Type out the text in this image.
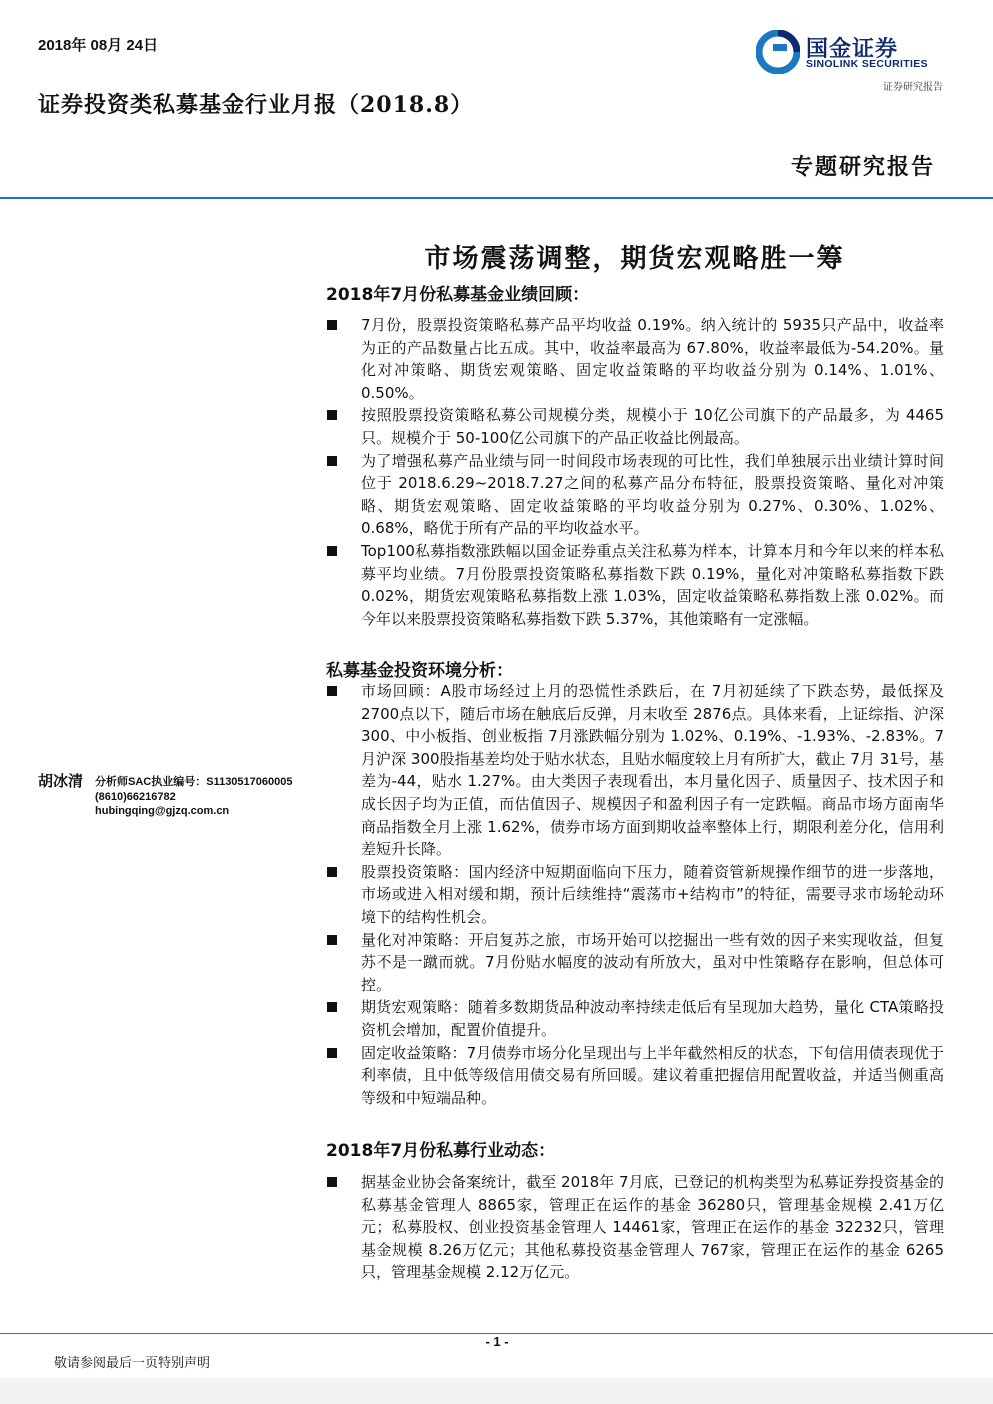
2018年 08月 24日	国金证券
SINOLINK SECURITIES
证券研究报告
证券投资类私募基金行业月报（2018.8）
专题研究报告
市场震荡调整，期货宏观略胜一筹
2018年7月份私募基金业绩回顾：
7月份，股票投资策略私募产品平均收益 0.19%。纳入统计的 5935只产品中，收益率为正的产品数量占比五成。其中，收益率最高为 67.80%，收益率最低为-54.20%。量化对冲策略、期货宏观策略、固定收益策略的平均收益分别为 0.14%、1.01%、0.50%。
按照股票投资策略私募公司规模分类，规模小于 10亿公司旗下的产品最多，为 4465只。规模介于 50-100亿公司旗下的产品正收益比例最高。
为了增强私募产品业绩与同一时间段市场表现的可比性，我们单独展示出业绩计算时间位于 2018.6.29~2018.7.27之间的私募产品分布特征，股票投资策略、量化对冲策略、期货宏观策略、固定收益策略的平均收益分别为 0.27%、0.30%、1.02%、0.68%，略优于所有产品的平均收益水平。
Top100私募指数涨跌幅以国金证券重点关注私募为样本，计算本月和今年以来的样本私募平均业绩。7月份股票投资策略私募指数下跌 0.19%，量化对冲策略私募指数下跌 0.02%，期货宏观策略私募指数上涨 1.03%，固定收益策略私募指数上涨 0.02%。而今年以来股票投资策略私募指数下跌 5.37%，其他策略有一定涨幅。
私募基金投资环境分析：
市场回顾：A股市场经过上月的恐慌性杀跌后，在 7月初延续了下跌态势，最低探及 2700点以下，随后市场在触底后反弹，月末收至 2876点。具体来看，上证综指、沪深 300、中小板指、创业板指 7月涨跌幅分别为 1.02%、0.19%、-1.93%、-2.83%。7月沪深 300股指基差均处于贴水状态，且贴水幅度较上月有所扩大，截止 7月 31号，基差为-44，贴水 1.27%。由大类因子表现看出，本月量化因子、质量因子、技术因子和成长因子均为正值，而估值因子、规模因子和盈利因子有一定跌幅。商品市场方面南华商品指数全月上涨 1.62%，债券市场方面到期收益率整体上行，期限利差分化，信用利差短升长降。
股票投资策略：国内经济中短期面临向下压力，随着资管新规操作细节的进一步落地，市场或进入相对缓和期，预计后续维持“震荡市+结构市”的特征，需要寻求市场轮动环境下的结构性机会。
量化对冲策略：开启复苏之旅，市场开始可以挖掘出一些有效的因子来实现收益，但复苏不是一蹴而就。7月份贴水幅度的波动有所放大，虽对中性策略存在影响，但总体可控。
期货宏观策略：随着多数期货品种波动率持续走低后有呈现加大趋势，量化 CTA策略投资机会增加，配置价值提升。
固定收益策略：7月债券市场分化呈现出与上半年截然相反的状态，下旬信用债表现优于利率债，且中低等级信用债交易有所回暖。建议着重把握信用配置收益，并适当侧重高等级和中短端品种。
2018年7月份私募行业动态：
据基金业协会备案统计，截至 2018年 7月底，已登记的机构类型为私募证券投资基金的私募基金管理人 8865家，管理正在运作的基金 36280只，管理基金规模 2.41万亿元；私募股权、创业投资基金管理人 14461家，管理正在运作的基金 32232只，管理基金规模 8.26万亿元；其他私募投资基金管理人 767家，管理正在运作的基金 6265只，管理基金规模 2.12万亿元。
胡冰清 分析师SAC执业编号：S1130517060005
(8610)66216782
hubingqing@gjzq.com.cn
- 1 -
敬请参阅最后一页特别声明
